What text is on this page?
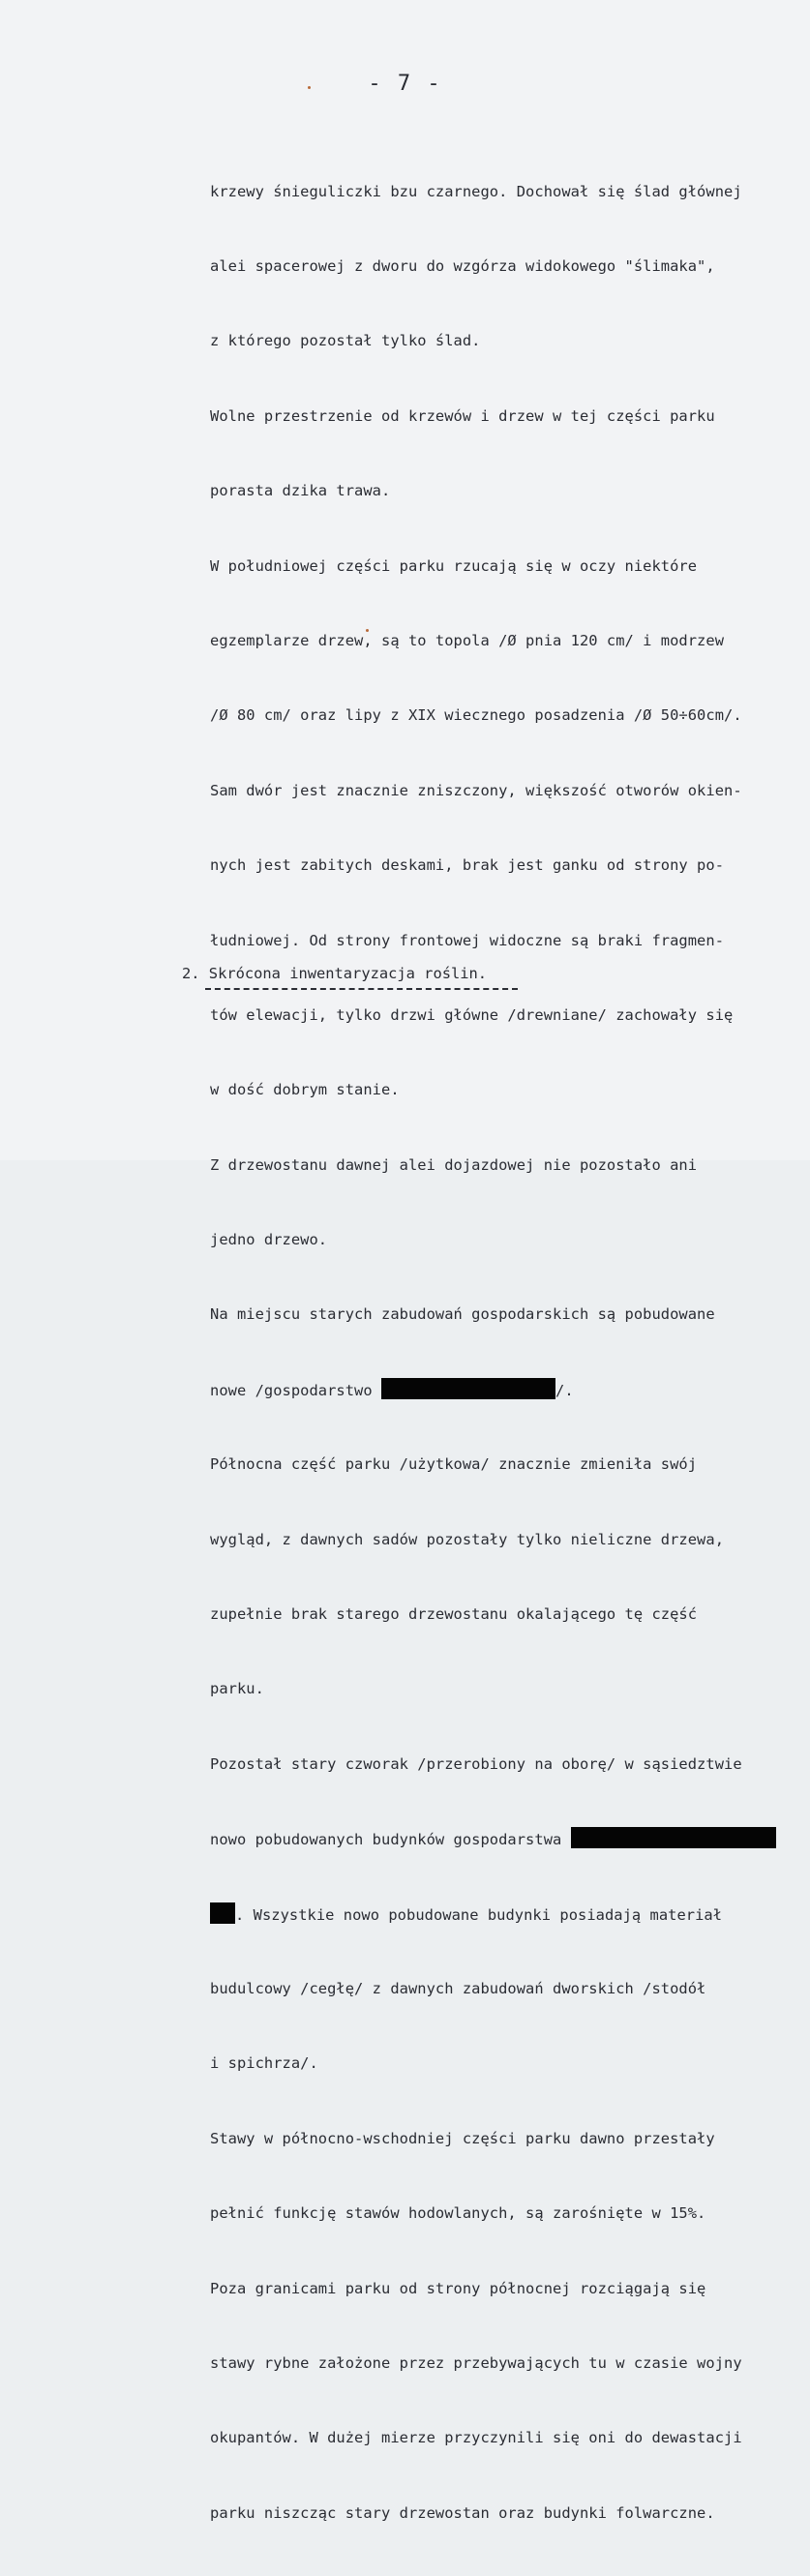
- 7 -

krzewy śnieguliczki bzu czarnego. Dochował się ślad głównej

alei spacerowej z dworu do wzgórza widokowego "ślimaka",

z którego pozostał tylko ślad.

Wolne przestrzenie od krzewów i drzew w tej części parku

porasta dzika trawa.

W południowej części parku rzucają się w oczy niektóre

egzemplarze drzew, są to topola /Ø pnia 120 cm/ i modrzew

/Ø 80 cm/ oraz lipy z XIX wiecznego posadzenia /Ø 50÷60cm/.

Sam dwór jest znacznie zniszczony, większość otworów okien-

nych jest zabitych deskami, brak jest ganku od strony po-

łudniowej. Od strony frontowej widoczne są braki fragmen-

tów elewacji, tylko drzwi główne /drewniane/ zachowały się

w dość dobrym stanie.

Z drzewostanu dawnej alei dojazdowej nie pozostało ani

jedno drzewo.

Na miejscu starych zabudowań gospodarskich są pobudowane

nowe /gospodarstwo	/.

Północna część parku /użytkowa/ znacznie zmieniła swój

wygląd, z dawnych sadów pozostały tylko nieliczne drzewa,

zupełnie brak starego drzewostanu okalającego tę część

parku.

Pozostał stary czworak /przerobiony na oborę/ w sąsiedztwie

nowo pobudowanych budynków gospodarstwa

. Wszystkie nowo pobudowane budynki posiadają materiał

budulcowy /cegłę/ z dawnych zabudowań dworskich /stodół

i spichrza/.

Stawy w północno-wschodniej części parku dawno przestały

pełnić funkcję stawów hodowlanych, są zarośnięte w 15%.

Poza granicami parku od strony północnej rozciągają się

stawy rybne założone przez przebywających tu w czasie wojny

okupantów. W dużej mierze przyczynili się oni do dewastacji

parku niszcząc stary drzewostan oraz budynki folwarczne.

2. Skrócona inwentaryzacja roślin.
